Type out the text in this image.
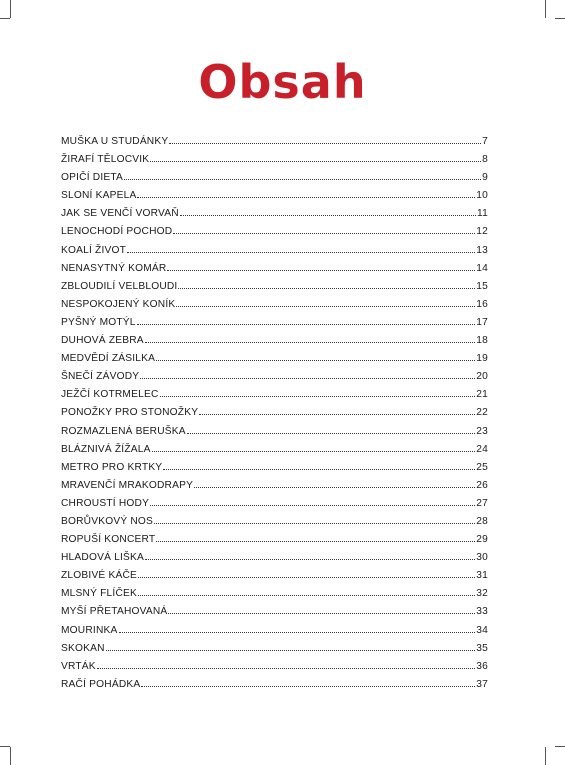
Obsah
MUŠKA U STUDÁNKY	7
ŽIRAFÍ TĚLOCVIK	8
OPIČÍ DIETA	9
SLONÍ KAPELA	10
JAK SE VENČÍ VORVAŇ	11
LENOCHODÍ POCHOD	12
KOALÍ ŽIVOT	13
NENASYTNÝ KOMÁR	14
ZBLOUDILÍ VELBLOUDI	15
NESPOKOJENÝ KONÍK	16
PYŠNÝ MOTÝL	17
DUHOVÁ ZEBRA	18
MEDVĚDÍ ZÁSILKA	19
ŠNEČÍ ZÁVODY	20
JEŽČÍ KOTRMELEC	21
PONOŽKY PRO STONOŽKY	22
ROZMAZLENÁ BERUŠKA	23
BLÁZNIVÁ ŽÍŽALA	24
METRO PRO KRTKY	25
MRAVENČÍ MRAKODRAPY	26
CHROUSTÍ HODY	27
BORŮVKOVÝ NOS	28
ROPUŠÍ KONCERT	29
HLADOVÁ LIŠKA	30
ZLOBIVÉ KÁČE	31
MLSNÝ FLÍČEK	32
MYŠÍ PŘETAHOVANÁ	33
MOURINKA	34
SKOKAN	35
VRTÁK	36
RAČÍ POHÁDKA	37
